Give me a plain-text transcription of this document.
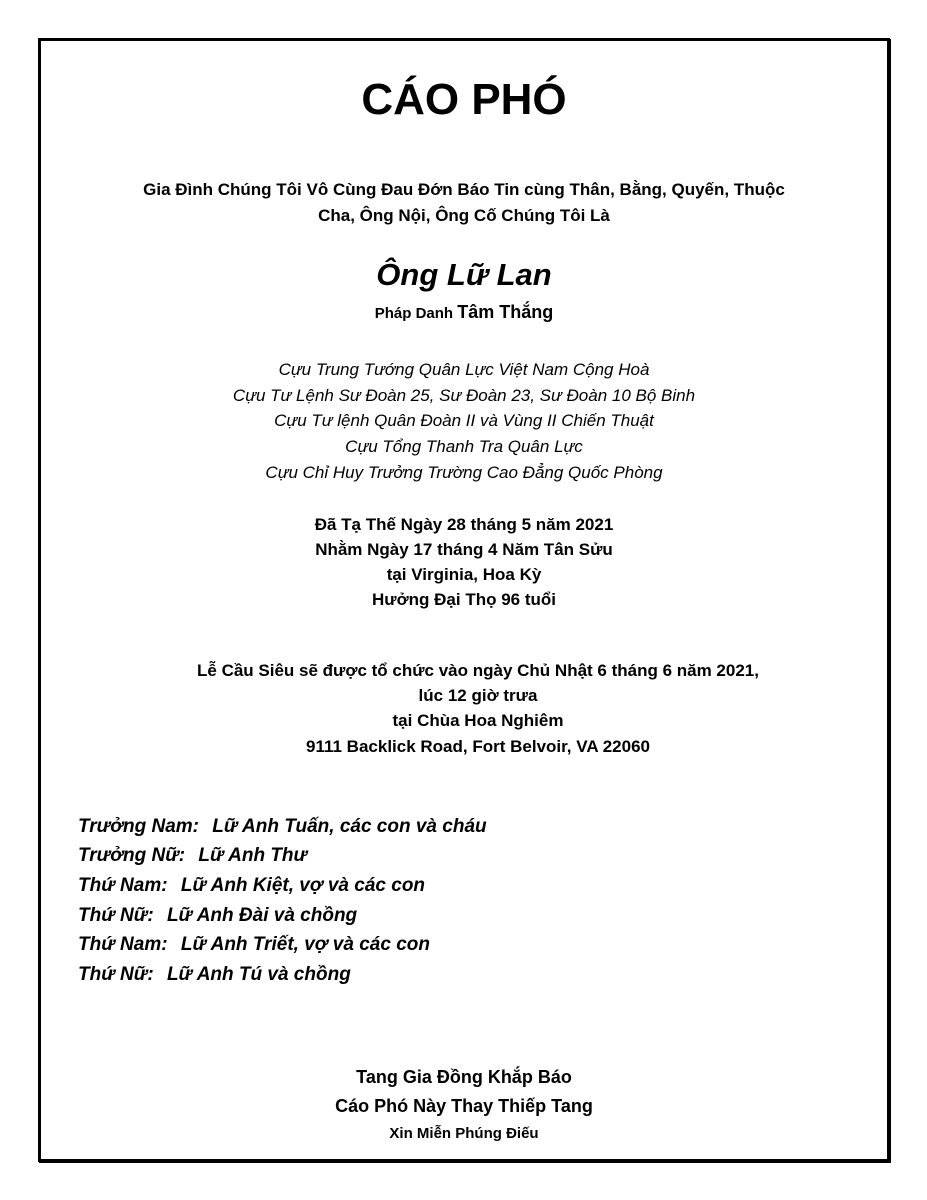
CÁO PHÓ

Gia Đình Chúng Tôi Vô Cùng Đau Đớn Báo Tin cùng Thân, Bằng, Quyến, Thuộc

Cha, Ông Nội, Ông Cố Chúng Tôi Là

Ông Lữ Lan

Pháp Danh Tâm Thắng

Cựu Trung Tướng Quân Lực Việt Nam Cộng Hoà

Cựu Tư Lệnh Sư Đoàn 25, Sư Đoàn 23, Sư Đoàn 10 Bộ Binh

Cựu Tư lệnh Quân Đoàn II và Vùng II Chiến Thuật

Cựu Tổng Thanh Tra Quân Lực

Cựu Chỉ Huy Trưởng Trường Cao Đẳng Quốc Phòng

Đã Tạ Thế Ngày 28 tháng 5 năm 2021

Nhằm Ngày 17 tháng 4 Năm Tân Sửu

tại Virginia, Hoa Kỳ

Hưởng Đại Thọ 96 tuổi

Lễ Cầu Siêu sẽ được tổ chức vào ngày Chủ Nhật 6 tháng 6 năm 2021,

lúc 12 giờ trưa

tại Chùa Hoa Nghiêm

9111 Backlick Road, Fort Belvoir, VA 22060

Trưởng Nam: Lữ Anh Tuấn, các con và cháu

Trưởng Nữ: Lữ Anh Thư

Thứ Nam: Lữ Anh Kiệt, vợ và các con

Thứ Nữ: Lữ Anh Đài và chồng

Thứ Nam: Lữ Anh Triết, vợ và các con

Thứ Nữ: Lữ Anh Tú và chồng

Tang Gia Đồng Khắp Báo

Cáo Phó Này Thay Thiếp Tang

Xin Miễn Phúng Điếu
